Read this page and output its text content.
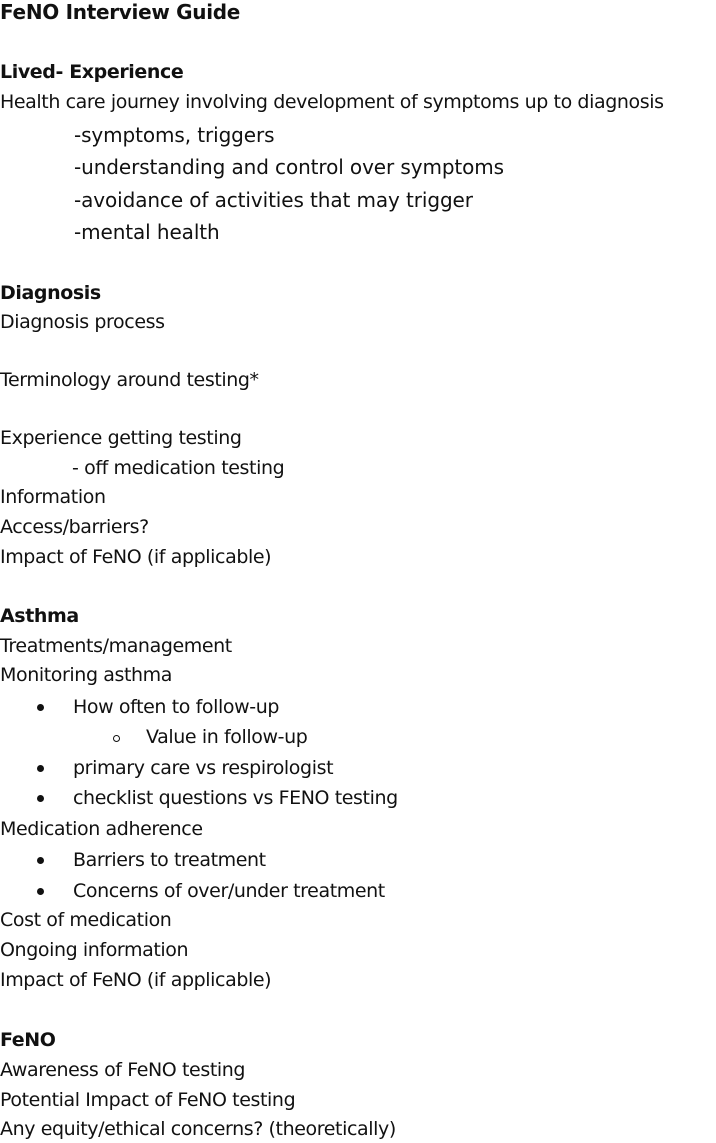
FeNO Interview Guide
Lived- Experience
Health care journey involving development of symptoms up to diagnosis
-symptoms, triggers
-understanding and control over symptoms
-avoidance of activities that may trigger
-mental health
Diagnosis
Diagnosis process
Terminology around testing*
Experience getting testing
- off medication testing
Information
Access/barriers?
Impact of FeNO (if applicable)
Asthma
Treatments/management
Monitoring asthma
How often to follow-up
Value in follow-up
primary care vs respirologist
checklist questions vs FENO testing
Medication adherence
Barriers to treatment
Concerns of over/under treatment
Cost of medication
Ongoing information
Impact of FeNO (if applicable)
FeNO
Awareness of FeNO testing
Potential Impact of FeNO testing
Any equity/ethical concerns? (theoretically)
